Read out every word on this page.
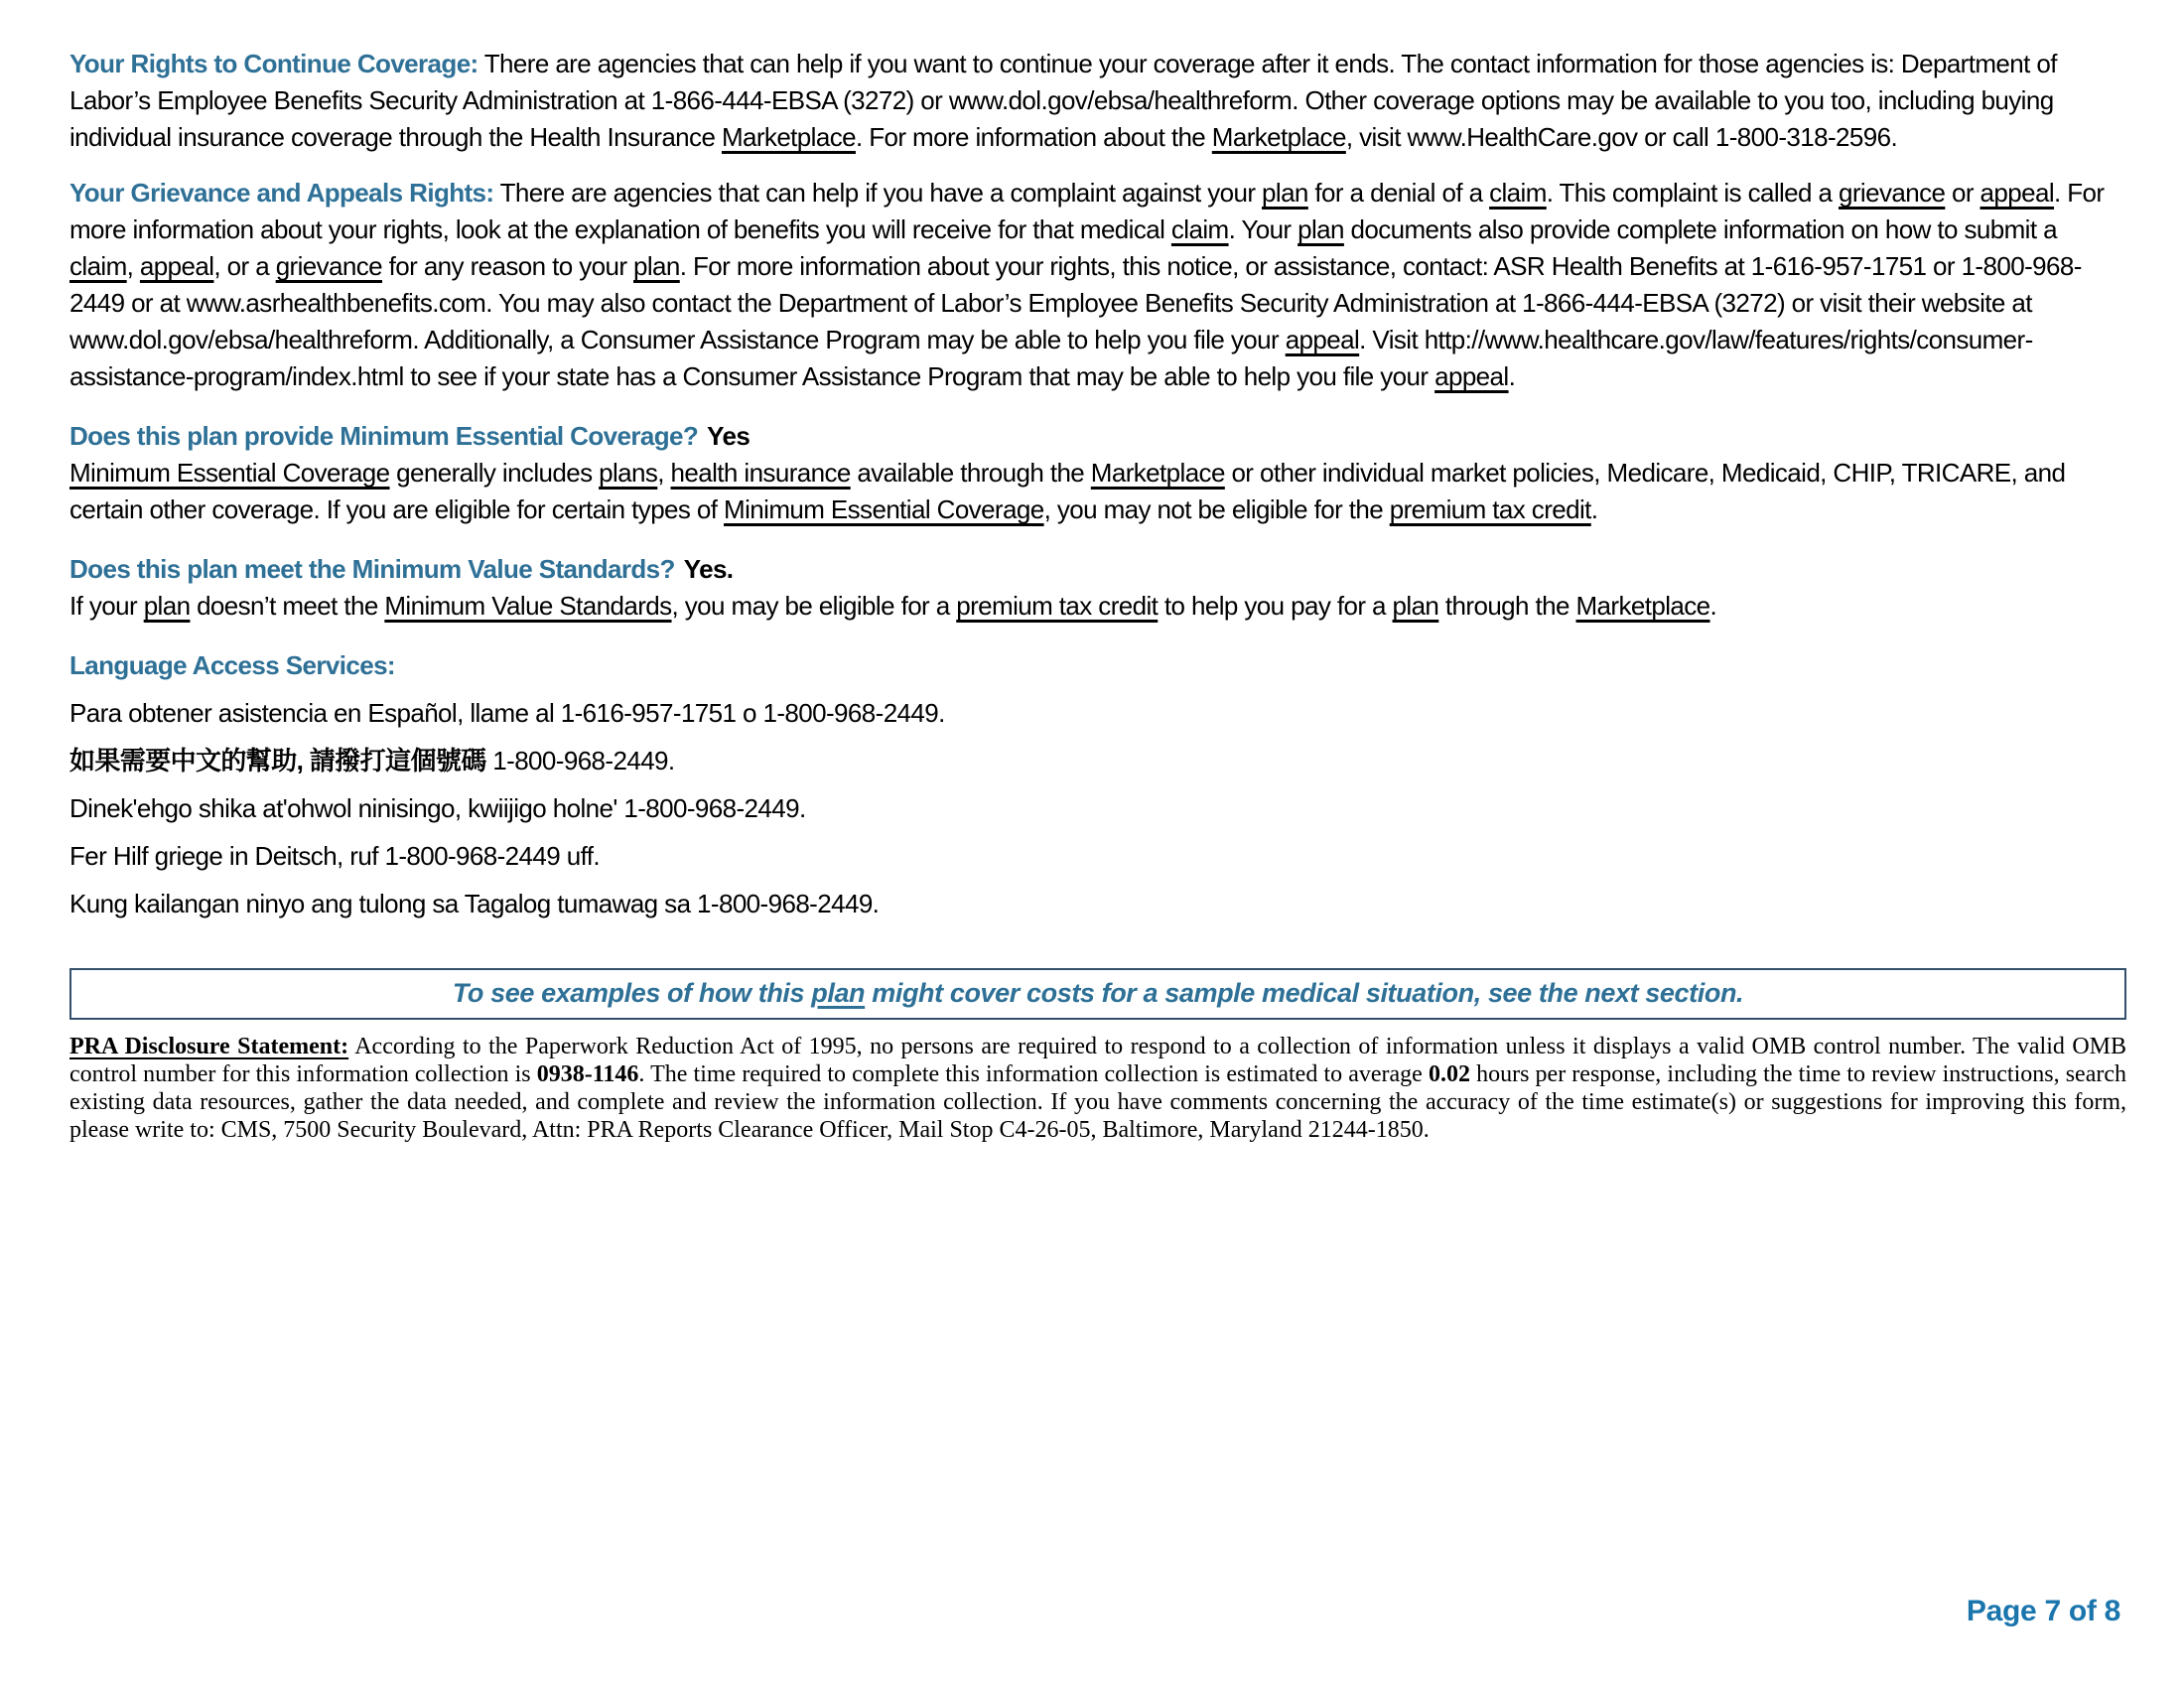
Your Rights to Continue Coverage: There are agencies that can help if you want to continue your coverage after it ends. The contact information for those agencies is: Department of Labor’s Employee Benefits Security Administration at 1-866-444-EBSA (3272) or www.dol.gov/ebsa/healthreform. Other coverage options may be available to you too, including buying individual insurance coverage through the Health Insurance Marketplace. For more information about the Marketplace, visit www.HealthCare.gov or call 1-800-318-2596.

Your Grievance and Appeals Rights: There are agencies that can help if you have a complaint against your plan for a denial of a claim. This complaint is called a grievance or appeal. For more information about your rights, look at the explanation of benefits you will receive for that medical claim. Your plan documents also provide complete information on how to submit a claim, appeal, or a grievance for any reason to your plan. For more information about your rights, this notice, or assistance, contact: ASR Health Benefits at 1-616-957-1751 or 1-800-968-2449 or at www.asrhealthbenefits.com. You may also contact the Department of Labor’s Employee Benefits Security Administration at 1-866-444-EBSA (3272) or visit their website at www.dol.gov/ebsa/healthreform. Additionally, a Consumer Assistance Program may be able to help you file your appeal. Visit http://www.healthcare.gov/law/features/rights/consumer-assistance-program/index.html to see if your state has a Consumer Assistance Program that may be able to help you file your appeal.

Does this plan provide Minimum Essential Coverage? Yes

Minimum Essential Coverage generally includes plans, health insurance available through the Marketplace or other individual market policies, Medicare, Medicaid, CHIP, TRICARE, and certain other coverage. If you are eligible for certain types of Minimum Essential Coverage, you may not be eligible for the premium tax credit.

Does this plan meet the Minimum Value Standards? Yes.

If your plan doesn’t meet the Minimum Value Standards, you may be eligible for a premium tax credit to help you pay for a plan through the Marketplace.

Language Access Services:

Para obtener asistencia en Español, llame al 1-616-957-1751 o 1-800-968-2449.

如果需要中文的幫助, 請撥打這個號碼 1-800-968-2449.

Dinek'ehgo shika at'ohwol ninisingo, kwiijigo holne' 1-800-968-2449.

Fer Hilf griege in Deitsch, ruf 1-800-968-2449 uff.

Kung kailangan ninyo ang tulong sa Tagalog tumawag sa 1-800-968-2449.

To see examples of how this plan might cover costs for a sample medical situation, see the next section.

PRA Disclosure Statement: According to the Paperwork Reduction Act of 1995, no persons are required to respond to a collection of information unless it displays a valid OMB control number. The valid OMB control number for this information collection is 0938-1146. The time required to complete this information collection is estimated to average 0.02 hours per response, including the time to review instructions, search existing data resources, gather the data needed, and complete and review the information collection. If you have comments concerning the accuracy of the time estimate(s) or suggestions for improving this form, please write to: CMS, 7500 Security Boulevard, Attn: PRA Reports Clearance Officer, Mail Stop C4-26-05, Baltimore, Maryland 21244-1850.

Page 7 of 8
